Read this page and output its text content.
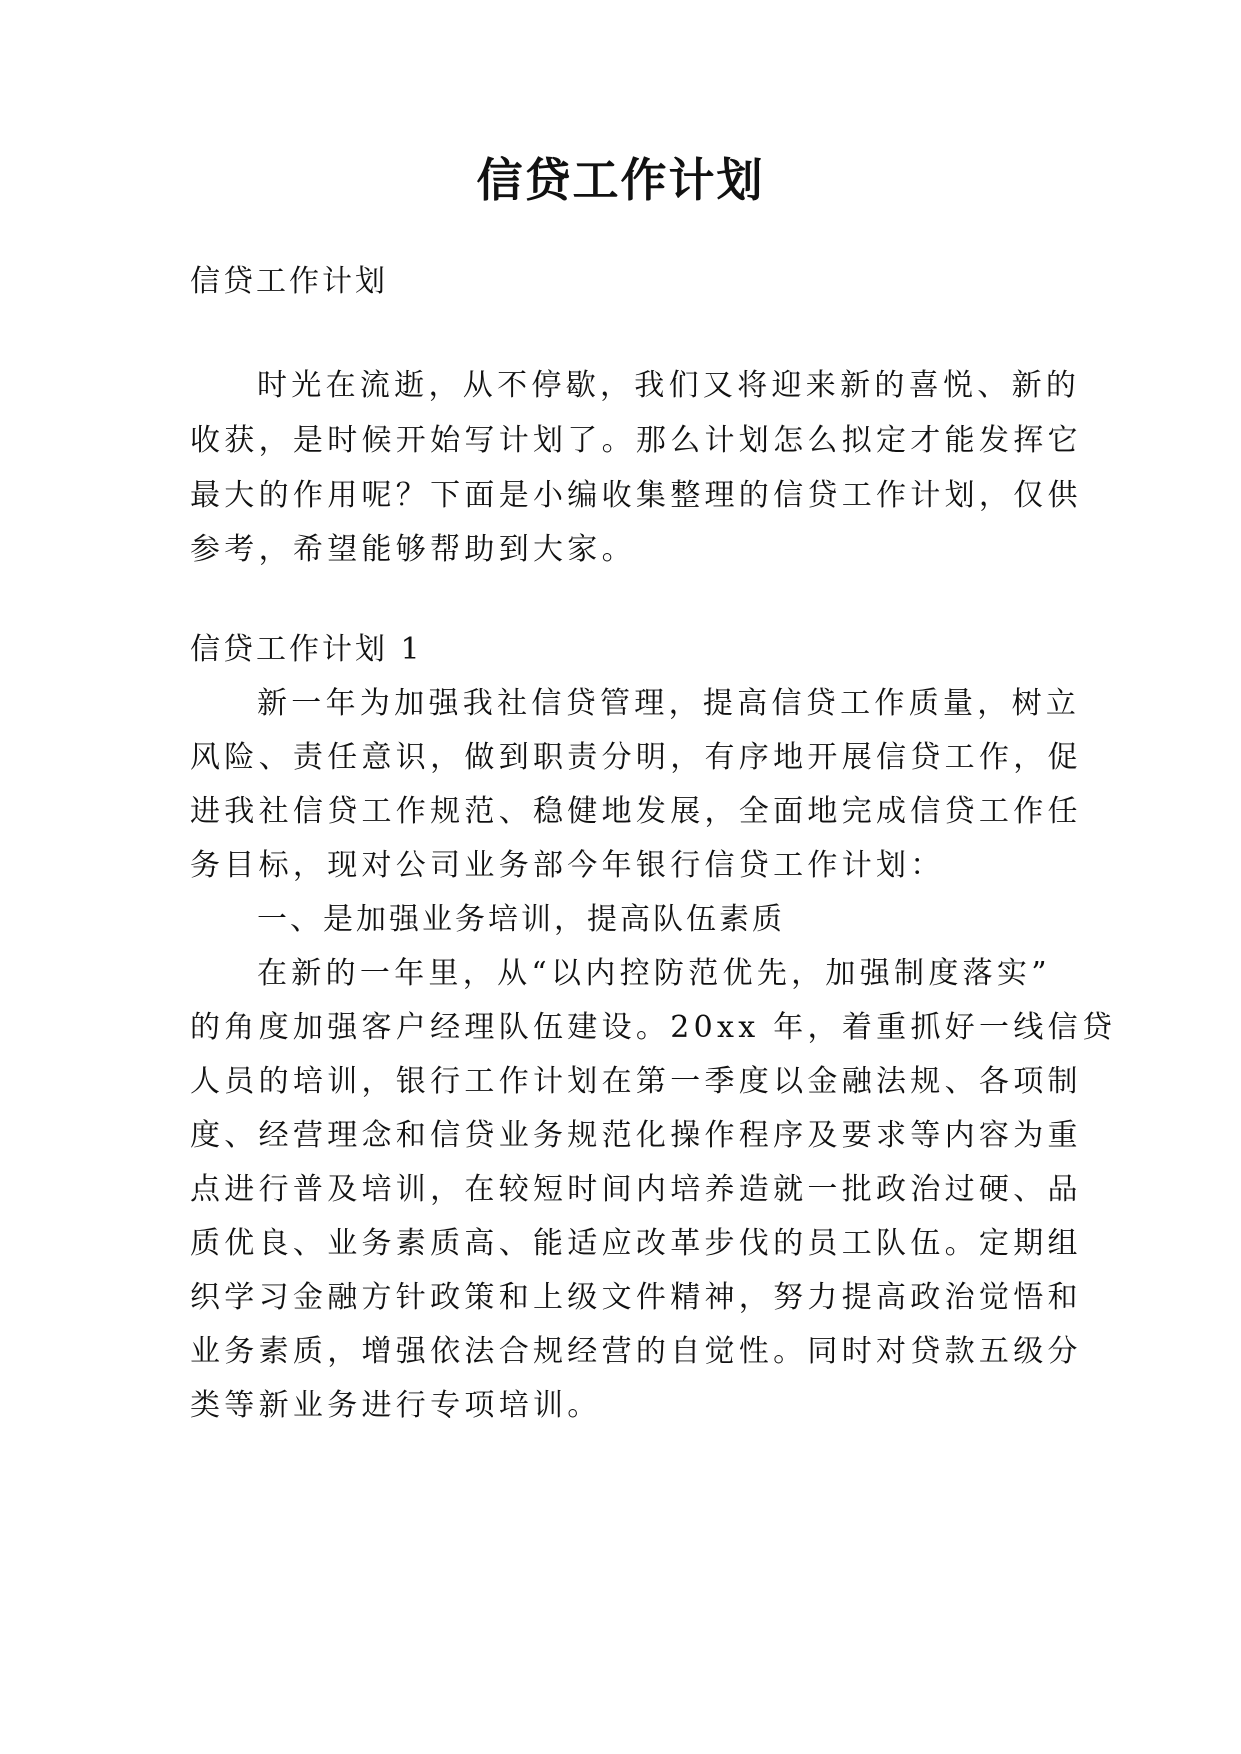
信贷工作计划
信贷工作计划
时光在流逝，从不停歇，我们又将迎来新的喜悦、新的
收获，是时候开始写计划了。那么计划怎么拟定才能发挥它
最大的作用呢？下面是小编收集整理的信贷工作计划，仅供
参考，希望能够帮助到大家。
信贷工作计划 1
新一年为加强我社信贷管理，提高信贷工作质量，树立
风险、责任意识，做到职责分明，有序地开展信贷工作，促
进我社信贷工作规范、稳健地发展，全面地完成信贷工作任
务目标，现对公司业务部今年银行信贷工作计划：
一、是加强业务培训，提高队伍素质
在新的一年里，从“以内控防范优先，加强制度落实”
的角度加强客户经理队伍建设。20xx 年，着重抓好一线信贷
人员的培训，银行工作计划在第一季度以金融法规、各项制
度、经营理念和信贷业务规范化操作程序及要求等内容为重
点进行普及培训，在较短时间内培养造就一批政治过硬、品
质优良、业务素质高、能适应改革步伐的员工队伍。定期组
织学习金融方针政策和上级文件精神，努力提高政治觉悟和
业务素质，增强依法合规经营的自觉性。同时对贷款五级分
类等新业务进行专项培训。
